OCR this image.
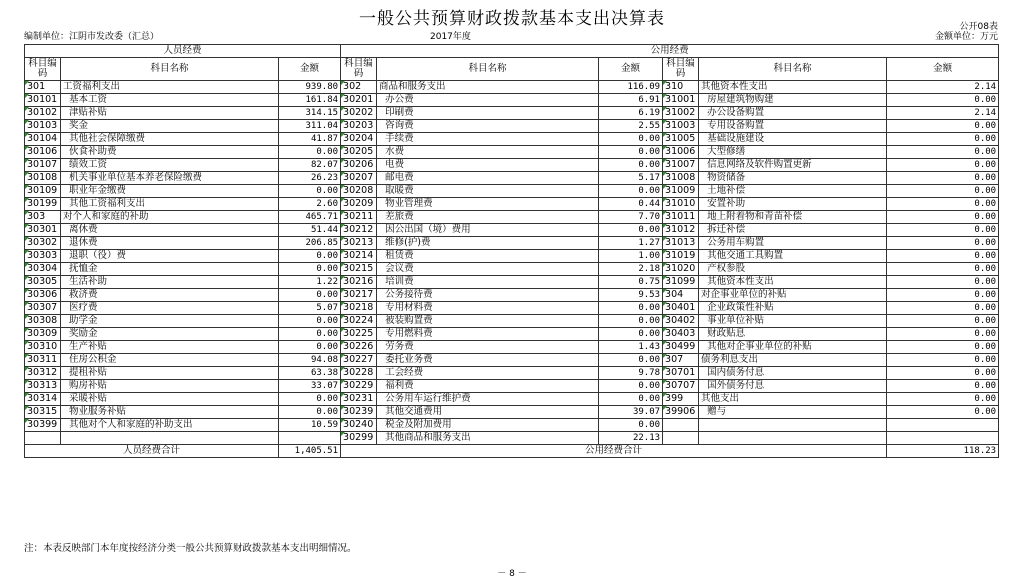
一般公共预算财政拨款基本支出决算表	公开08表
编制单位：江阴市发改委（汇总）	2017年度	金额单位：万元
人员经费			公用经费					
科目编码	科目名称	金额	科目编码	科目名称	金额	科目编码	科目名称	金额
301	工资福利支出	939.80	302	商品和服务支出	116.09	310	其他资本性支出	2.14
30101	基本工资	161.84	30201	办公费	6.91	31001	房屋建筑物购建	0.00
30102	津贴补贴	314.15	30202	印刷费	6.19	31002	办公设备购置	2.14
30103	奖金	311.04	30203	咨询费	2.55	31003	专用设备购置	0.00
30104	其他社会保障缴费	41.87	30204	手续费	0.00	31005	基础设施建设	0.00
30106	伙食补助费	0.00	30205	水费	0.00	31006	大型修缮	0.00
30107	绩效工资	82.07	30206	电费	0.00	31007	信息网络及软件购置更新	0.00
30108	机关事业单位基本养老保险缴费	26.23	30207	邮电费	5.17	31008	物资储备	0.00
30109	职业年金缴费	0.00	30208	取暖费	0.00	31009	土地补偿	0.00
30199	其他工资福利支出	2.60	30209	物业管理费	0.44	31010	安置补助	0.00
303	对个人和家庭的补助	465.71	30211	差旅费	7.70	31011	地上附着物和青苗补偿	0.00
30301	离休费	51.44	30212	因公出国（境）费用	0.00	31012	拆迁补偿	0.00
30302	退休费	206.85	30213	维修(护)费	1.27	31013	公务用车购置	0.00
30303	退职（役）费	0.00	30214	租赁费	1.00	31019	其他交通工具购置	0.00
30304	抚恤金	0.00	30215	会议费	2.18	31020	产权参股	0.00
30305	生活补助	1.22	30216	培训费	0.75	31099	其他资本性支出	0.00
30306	救济费	0.00	30217	公务接待费	9.53	304	对企事业单位的补贴	0.00
30307	医疗费	5.07	30218	专用材料费	0.00	30401	企业政策性补贴	0.00
30308	助学金	0.00	30224	被装购置费	0.00	30402	事业单位补贴	0.00
30309	奖励金	0.00	30225	专用燃料费	0.00	30403	财政贴息	0.00
30310	生产补贴	0.00	30226	劳务费	1.43	30499	其他对企事业单位的补贴	0.00
30311	住房公积金	94.08	30227	委托业务费	0.00	307	债务利息支出	0.00
30312	提租补贴	63.38	30228	工会经费	9.78	30701	国内债务付息	0.00
30313	购房补贴	33.07	30229	福利费	0.00	30707	国外债务付息	0.00
30314	采暖补贴	0.00	30231	公务用车运行维护费	0.00	399	其他支出	0.00
30315	物业服务补贴	0.00	30239	其他交通费用	39.07	39906	赠与	0.00
30399	其他对个人和家庭的补助支出	10.59	30240	税金及附加费用	0.00			
			30299	其他商品和服务支出	22.13			
人员经费合计		1,405.51	公用经费合计					118.23
注：本表反映部门本年度按经济分类一般公共预算财政拨款基本支出明细情况。
－ 8 －
